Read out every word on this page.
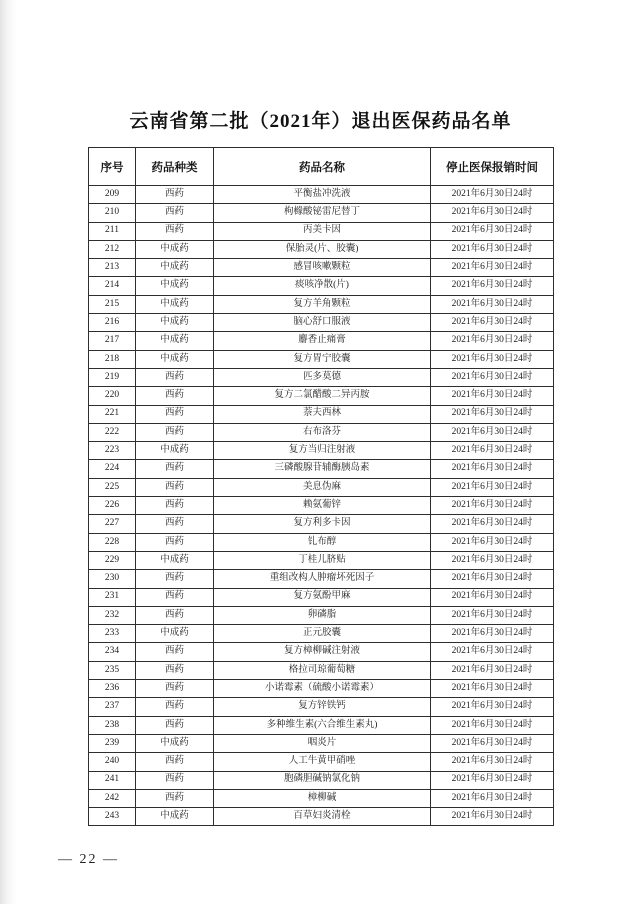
云南省第二批（2021年）退出医保药品名单
序号	药品种类	药品名称	停止医保报销时间
209	西药	平衡盐冲洗液	2021年6月30日24时
210	西药	枸橼酸铋雷尼替丁	2021年6月30日24时
211	西药	丙美卡因	2021年6月30日24时
212	中成药	保胎灵(片、胶囊)	2021年6月30日24时
213	中成药	感冒咳嗽颗粒	2021年6月30日24时
214	中成药	痰咳净散(片)	2021年6月30日24时
215	中成药	复方羊角颗粒	2021年6月30日24时
216	中成药	脑心舒口服液	2021年6月30日24时
217	中成药	麝香止痛膏	2021年6月30日24时
218	中成药	复方胃宁胶囊	2021年6月30日24时
219	西药	匹多莫德	2021年6月30日24时
220	西药	复方二氯醋酸二异丙胺	2021年6月30日24时
221	西药	萘夫西林	2021年6月30日24时
222	西药	右布洛芬	2021年6月30日24时
223	中成药	复方当归注射液	2021年6月30日24时
224	西药	三磷酸腺苷辅酶胰岛素	2021年6月30日24时
225	西药	美息伪麻	2021年6月30日24时
226	西药	赖氨葡锌	2021年6月30日24时
227	西药	复方利多卡因	2021年6月30日24时
228	西药	钆布醇	2021年6月30日24时
229	中成药	丁桂儿脐贴	2021年6月30日24时
230	西药	重组改构人肿瘤坏死因子	2021年6月30日24时
231	西药	复方氨酚甲麻	2021年6月30日24时
232	西药	卵磷脂	2021年6月30日24时
233	中成药	正元胶囊	2021年6月30日24时
234	西药	复方樟柳碱注射液	2021年6月30日24时
235	西药	格拉司琼葡萄糖	2021年6月30日24时
236	西药	小诺霉素（硫酸小诺霉素）	2021年6月30日24时
237	西药	复方锌铁钙	2021年6月30日24时
238	西药	多种维生素(六合维生素丸)	2021年6月30日24时
239	中成药	咽炎片	2021年6月30日24时
240	西药	人工牛黄甲硝唑	2021年6月30日24时
241	西药	胞磷胆碱钠氯化钠	2021年6月30日24时
242	西药	樟柳碱	2021年6月30日24时
243	中成药	百草妇炎清栓	2021年6月30日24时
— 22 —
